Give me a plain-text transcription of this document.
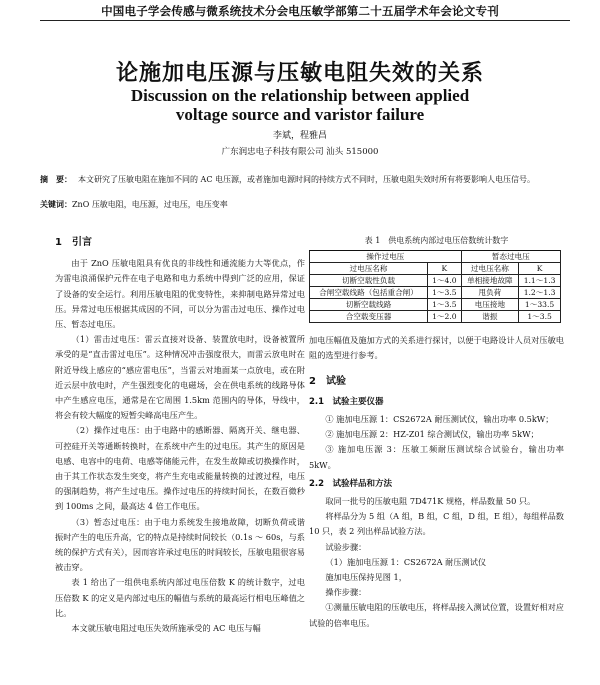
中国电子学会传感与微系统技术分会电压敏学部第二十五届学术年会论文专刊
论施加电压源与压敏电阻失效的关系
Discussion on the relationship between applied
voltage source and varistor failure
李斌，程雅昌
广东润忠电子科技有限公司 汕头 515000
摘　要： 本文研究了压敏电阻在施加不同的 AC 电压源，或者施加电源时间的持续方式不同时，压敏电阻失效时所有将要影响人电压信号。
关键词：ZnO 压敏电阻，电压源，过电压，电压变率
1　引言

由于 ZnO 压敏电阻具有优良的非线性和通流能力大等优点，作为雷电浪涌保护元件在电子电路和电力系统中得到广泛的应用，保证了设备的安全运行。利用压敏电阻的优变特性，来抑制电路异常过电压。异常过电压根据其成因的不同，可以分为雷击过电压、操作过电压、暂态过电压。

（1）雷击过电压：雷云直接对设备、装置放电时，设备被置所承受的是“直击雷过电压”。这种情况冲击强度很大，而雷云放电时在附近导线上感应的“感应雷电压”，当雷云对地面某一点放电，或在附近云层中放电时，产生强烈变化的电磁场，会在供电系统的线路导体中产生感应电压，通常是在它周围 1.5km 范围内的导体，导线中，将会有较大幅度的短暂尖峰高电压产生。

（2）操作过电压：由于电路中的感断器、隔离开关、继电器、可控硅开关等通断转换时，在系统中产生的过电压。其产生的原因是电感、电容中的电荷、电感等储能元件，在发生故障或切换操作时，由于其工作状态发生突变，将产生充电或能量转换的过渡过程，电压的强制趋势，将产生过电压。操作过电压的持续时间长，在数百微秒到 100ms 之间，最高达 4 倍工作电压。

（3）暂态过电压：由于电力系统发生接地故障，切断负荷或谐振时产生的电压升高，它的特点是持续时间较长（0.1s ～ 60s，与系统的保护方式有关），因而容许承过电压的时间较长，压敏电阻很容易被击穿。

表 1 给出了一组供电系统内部过电压倍数 K 的统计数字，过电压倍数 K 的定义是内部过电压的幅值与系统的最高运行相电压峰值之比。

本文就压敏电阻过电压失效所施承受的 AC 电压与幅

表 1　供电系统内部过电压倍数统计数字
操作过电压		暂态过电压	
过电压名称	K	过电压名称	K
切断空载性负载	1～4.0	单相接地故障	1.1～1.3
合闸空载线路（包括重合闸）	1～3.5	甩负荷	1.2～1.3
切断空载线路	1～3.5	电压接地	1～33.5
合空载变压器	1～2.0	谐振	1～3.5

加电压幅值及施加方式的关系进行探讨，以便于电路设计人员对压敏电阻的选型进行参考。

2　试验
2.1　试验主要仪器

① 施加电压源 1：CS2672A 耐压测试仪，输出功率 0.5kW；

② 施加电压源 2：HZ-Z01 综合测试仪，输出功率 5kW；

③ 施加电压源 3：压敏工频耐压测试综合试验台，输出功率 5kW。

2.2　试验样品和方法

取同一批号的压敏电阻 7D471K 规格，样品数量 50 只。

将样品分为 5 组（A 组，B 组，C 组，D 组，E 组），每组样品数 10 只，表 2 列出样品试验方法。

试验步骤：

（1）施加电压源 1：CS2672A 耐压测试仪

施加电压保持见图 1，

操作步骤：

①测量压敏电阻的压敏电压，将样品接入测试位置，设置好相对应试验的倍率电压。
